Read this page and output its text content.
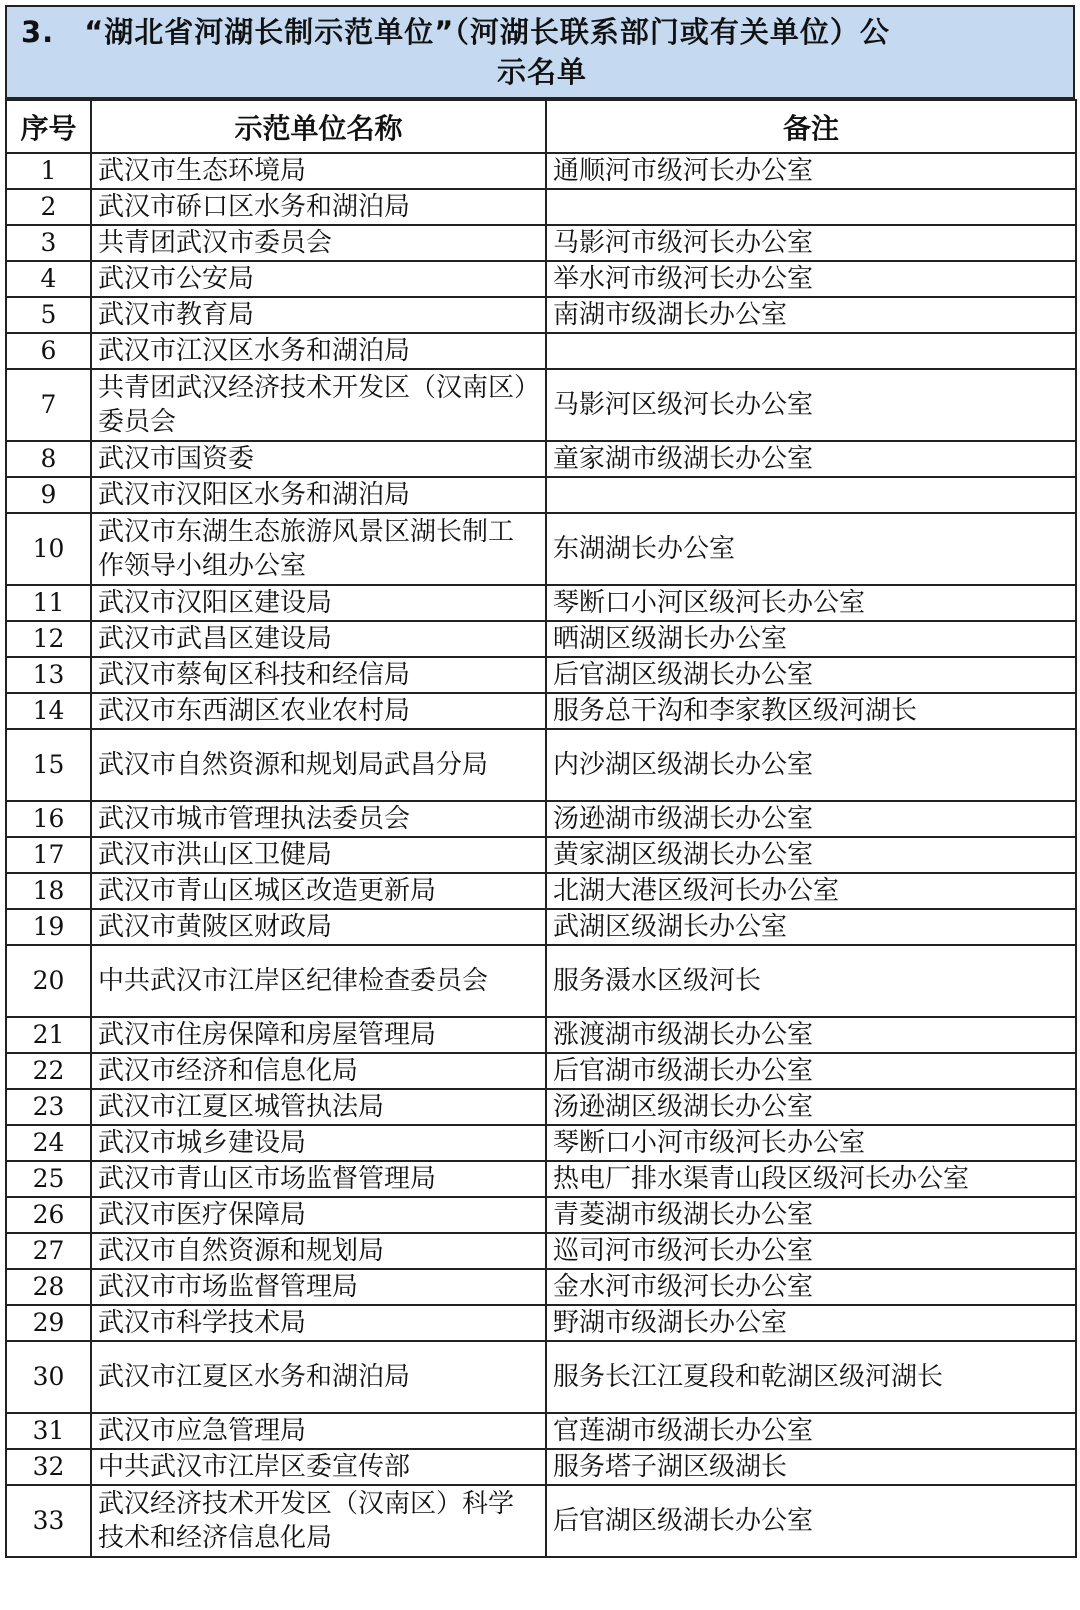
3.　“湖北省河湖长制示范单位”（河湖长联系部门或有关单位）公
示名单
序号	示范单位名称	备注
1	武汉市生态环境局	通顺河市级河长办公室
2	武汉市硚口区水务和湖泊局	
3	共青团武汉市委员会	马影河市级河长办公室
4	武汉市公安局	举水河市级河长办公室
5	武汉市教育局	南湖市级湖长办公室
6	武汉市江汉区水务和湖泊局	
7	共青团武汉经济技术开发区（汉南区）委员会	马影河区级河长办公室
8	武汉市国资委	童家湖市级湖长办公室
9	武汉市汉阳区水务和湖泊局	
10	武汉市东湖生态旅游风景区湖长制工作领导小组办公室	东湖湖长办公室
11	武汉市汉阳区建设局	琴断口小河区级河长办公室
12	武汉市武昌区建设局	晒湖区级湖长办公室
13	武汉市蔡甸区科技和经信局	后官湖区级湖长办公室
14	武汉市东西湖区农业农村局	服务总干沟和李家教区级河湖长
15	武汉市自然资源和规划局武昌分局	内沙湖区级湖长办公室
16	武汉市城市管理执法委员会	汤逊湖市级湖长办公室
17	武汉市洪山区卫健局	黄家湖区级湖长办公室
18	武汉市青山区城区改造更新局	北湖大港区级河长办公室
19	武汉市黄陂区财政局	武湖区级湖长办公室
20	中共武汉市江岸区纪律检查委员会	服务滠水区级河长
21	武汉市住房保障和房屋管理局	涨渡湖市级湖长办公室
22	武汉市经济和信息化局	后官湖市级湖长办公室
23	武汉市江夏区城管执法局	汤逊湖区级湖长办公室
24	武汉市城乡建设局	琴断口小河市级河长办公室
25	武汉市青山区市场监督管理局	热电厂排水渠青山段区级河长办公室
26	武汉市医疗保障局	青菱湖市级湖长办公室
27	武汉市自然资源和规划局	巡司河市级河长办公室
28	武汉市市场监督管理局	金水河市级河长办公室
29	武汉市科学技术局	野湖市级湖长办公室
30	武汉市江夏区水务和湖泊局	服务长江江夏段和乾湖区级河湖长
31	武汉市应急管理局	官莲湖市级湖长办公室
32	中共武汉市江岸区委宣传部	服务塔子湖区级湖长
33	武汉经济技术开发区（汉南区）科学技术和经济信息化局	后官湖区级湖长办公室
